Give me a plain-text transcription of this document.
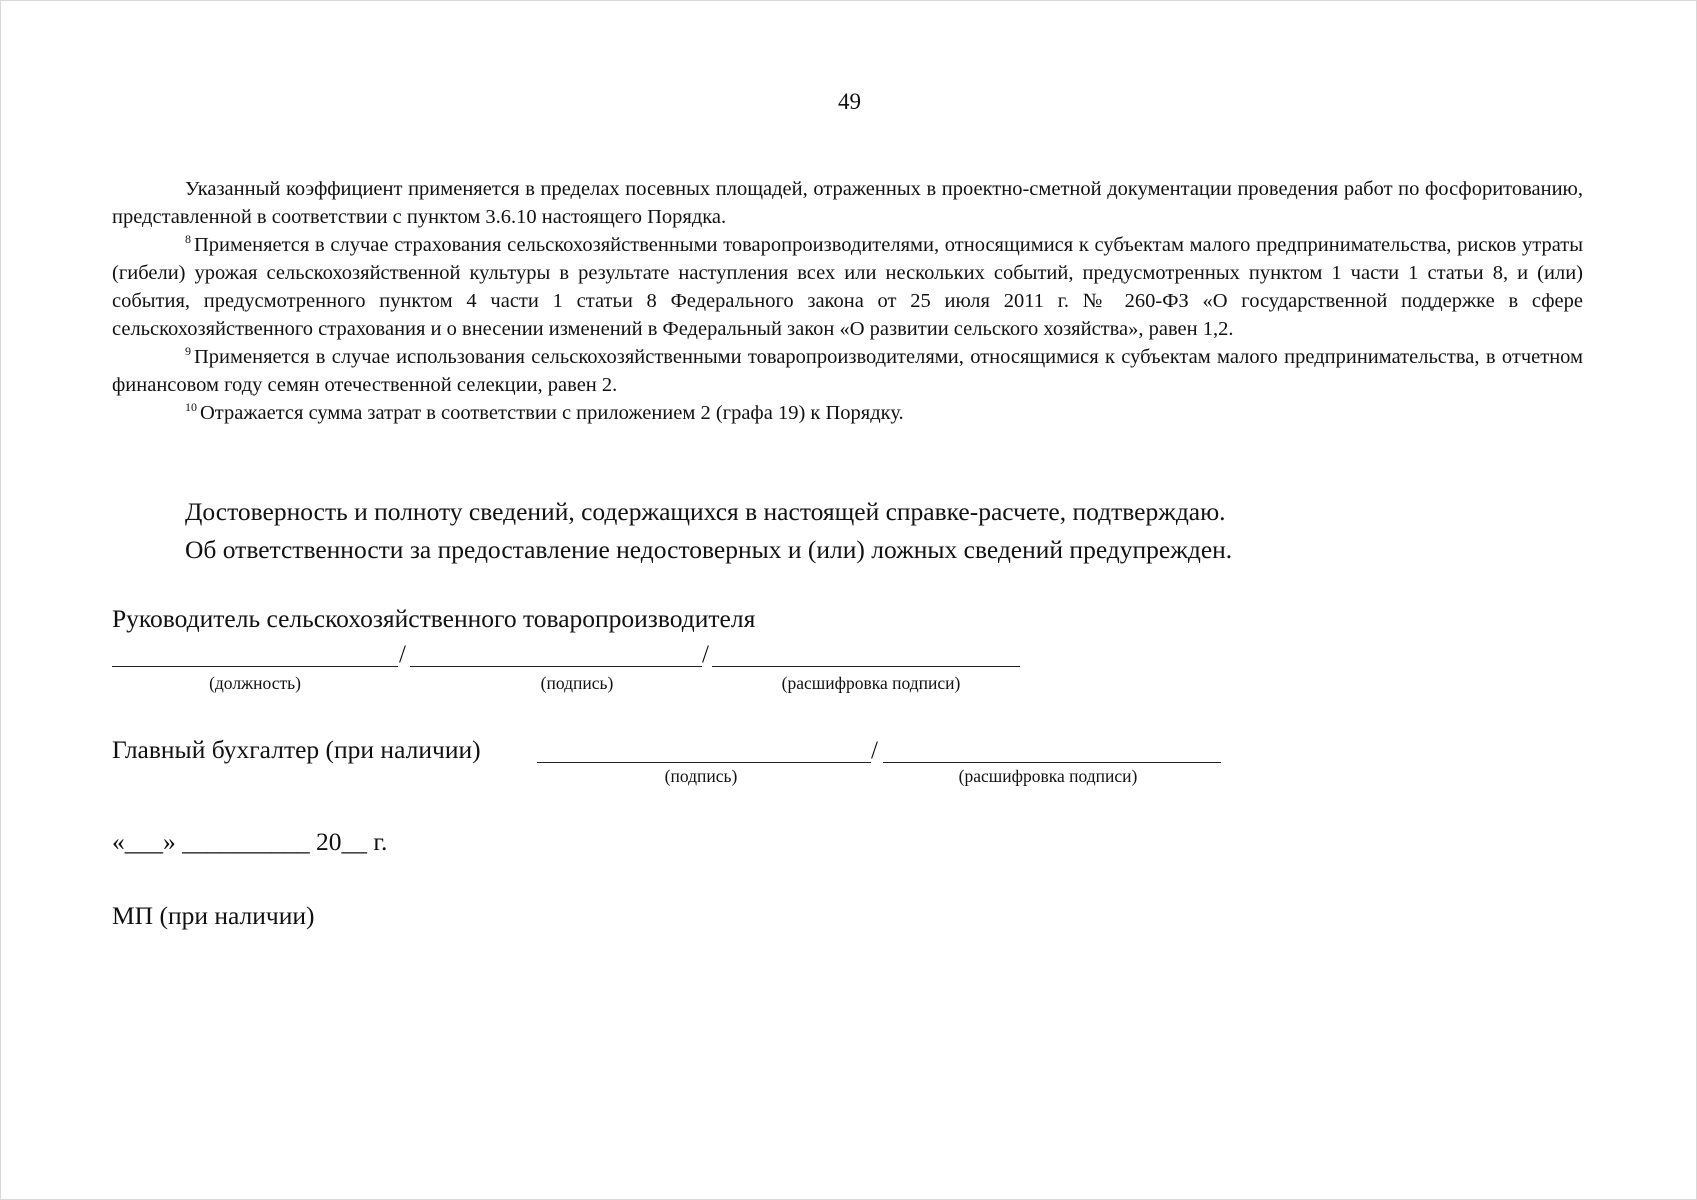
49

Указанный коэффициент применяется в пределах посевных площадей, отраженных в проектно-сметной документации проведения работ по фосфоритованию, представленной в соответствии с пунктом 3.6.10 настоящего Порядка.

$^8$ Применяется в случае страхования сельскохозяйственными товаропроизводителями, относящимися к субъектам малого предпринимательства, рисков утраты (гибели) урожая сельскохозяйственной культуры в результате наступления всех или нескольких событий, предусмотренных пунктом 1 части 1 статьи 8, и (или) события, предусмотренного пунктом 4 части 1 статьи 8 Федерального закона от 25 июля 2011 г. № 260-ФЗ «О государственной поддержке в сфере сельскохозяйственного страхования и о внесении изменений в Федеральный закон «О развитии сельского хозяйства», равен 1,2.

$^9$ Применяется в случае использования сельскохозяйственными товаропроизводителями, относящимися к субъектам малого предпринимательства, в отчетном финансовом году семян отечественной селекции, равен 2.

$^{10}$ Отражается сумма затрат в соответствии с приложением 2 (графа 19) к Порядку.

Достоверность и полноту сведений, содержащихся в настоящей справке-расчете, подтверждаю.
Об ответственности за предоставление недостоверных и (или) ложных сведений предупрежден.
Руководитель сельскохозяйственного товаропроизводителя
/	/
(должность)	(подпись)	(расшифровка подписи)
Главный бухгалтер (при наличии)	/
(подпись)	(расшифровка подписи)
«___» __________ 20__ г.
МП (при наличии)
